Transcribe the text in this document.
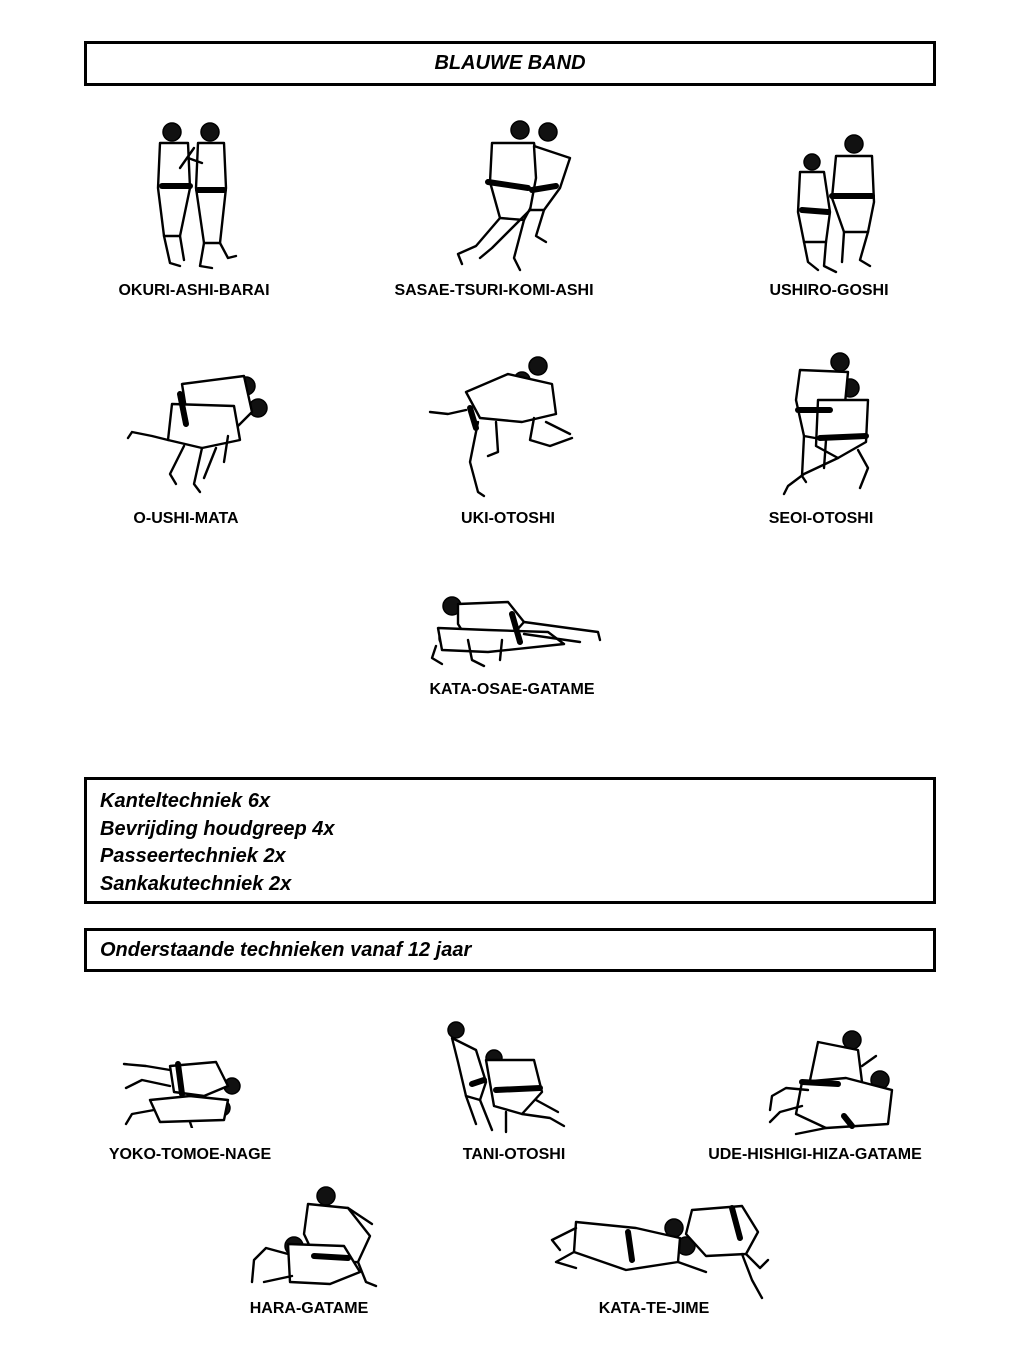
BLAUWE BAND
OKURI-ASHI-BARAI	SASAE-TSURI-KOMI-ASHI	USHIRO-GOSHI
O-USHI-MATA	UKI-OTOSHI	SEOI-OTOSHI
KATA-OSAE-GATAME
Kanteltechniek 6x
Bevrijding houdgreep 4x
Passeertechniek 2x
Sankakutechniek 2x
Onderstaande technieken vanaf 12 jaar
YOKO-TOMOE-NAGE	TANI-OTOSHI	UDE-HISHIGI-HIZA-GATAME
HARA-GATAME	KATA-TE-JIME
